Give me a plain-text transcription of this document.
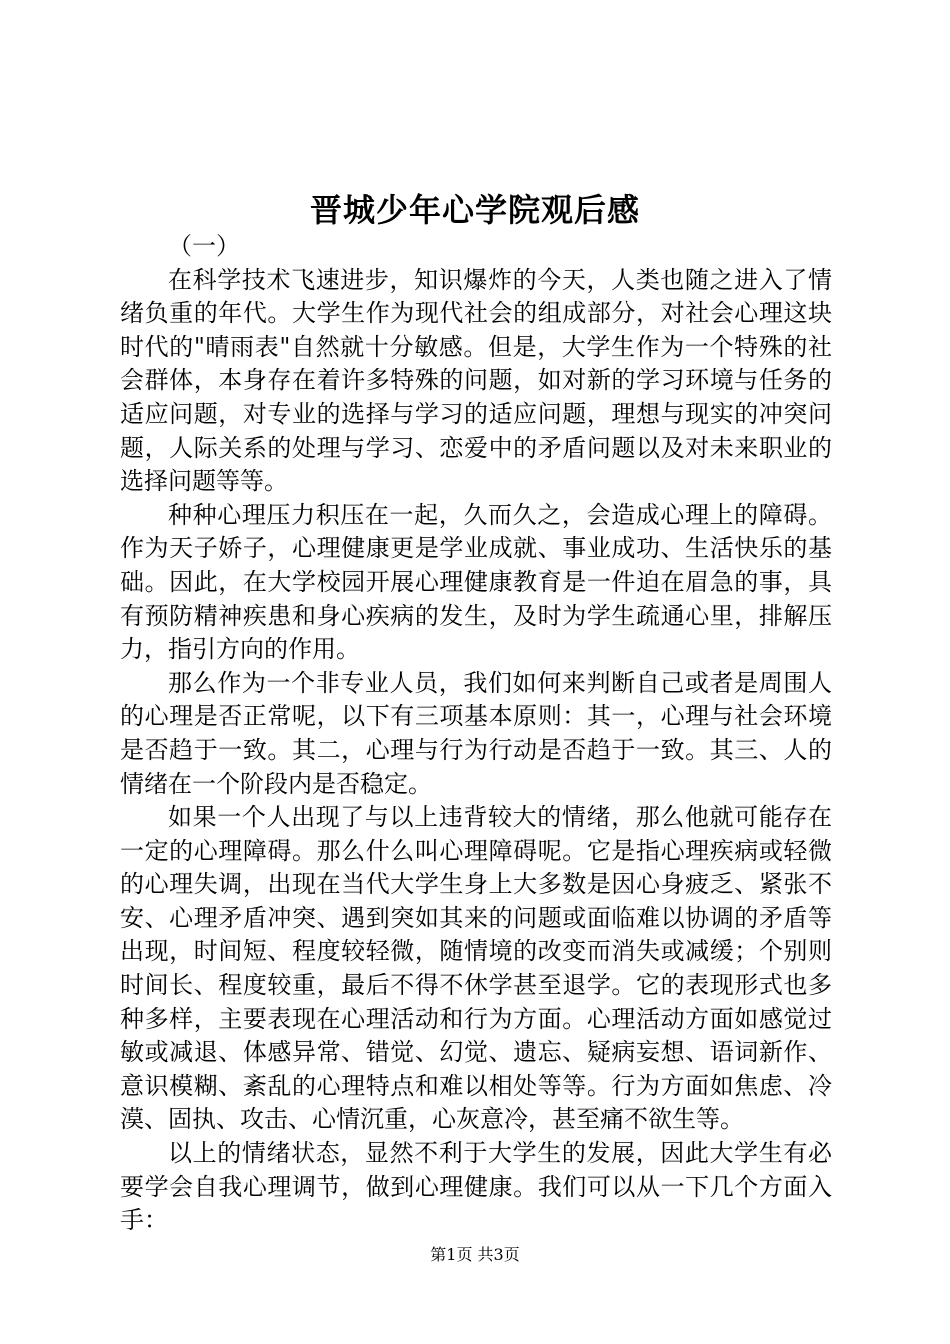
晋城少年心学院观后感

（一）

在科学技术飞速进步，知识爆炸的今天，人类也随之进入了情绪负重的年代。大学生作为现代社会的组成部分，对社会心理这块时代的"晴雨表"自然就十分敏感。但是，大学生作为一个特殊的社会群体，本身存在着许多特殊的问题，如对新的学习环境与任务的适应问题，对专业的选择与学习的适应问题，理想与现实的冲突问题，人际关系的处理与学习、恋爱中的矛盾问题以及对未来职业的选择问题等等。

种种心理压力积压在一起，久而久之，会造成心理上的障碍。作为天子娇子，心理健康更是学业成就、事业成功、生活快乐的基础。因此，在大学校园开展心理健康教育是一件迫在眉急的事，具有预防精神疾患和身心疾病的发生，及时为学生疏通心里，排解压力，指引方向的作用。

那么作为一个非专业人员，我们如何来判断自己或者是周围人的心理是否正常呢，以下有三项基本原则：其一，心理与社会环境是否趋于一致。其二，心理与行为行动是否趋于一致。其三、人的情绪在一个阶段内是否稳定。

如果一个人出现了与以上违背较大的情绪，那么他就可能存在一定的心理障碍。那么什么叫心理障碍呢。它是指心理疾病或轻微的心理失调，出现在当代大学生身上大多数是因心身疲乏、紧张不安、心理矛盾冲突、遇到突如其来的问题或面临难以协调的矛盾等出现，时间短、程度较轻微，随情境的改变而消失或减缓；个别则时间长、程度较重，最后不得不休学甚至退学。它的表现形式也多种多样，主要表现在心理活动和行为方面。心理活动方面如感觉过敏或减退、体感异常、错觉、幻觉、遗忘、疑病妄想、语词新作、意识模糊、紊乱的心理特点和难以相处等等。行为方面如焦虑、冷漠、固执、攻击、心情沉重，心灰意冷，甚至痛不欲生等。

以上的情绪状态，显然不利于大学生的发展，因此大学生有必要学会自我心理调节，做到心理健康。我们可以从一下几个方面入手：

第1页 共3页
